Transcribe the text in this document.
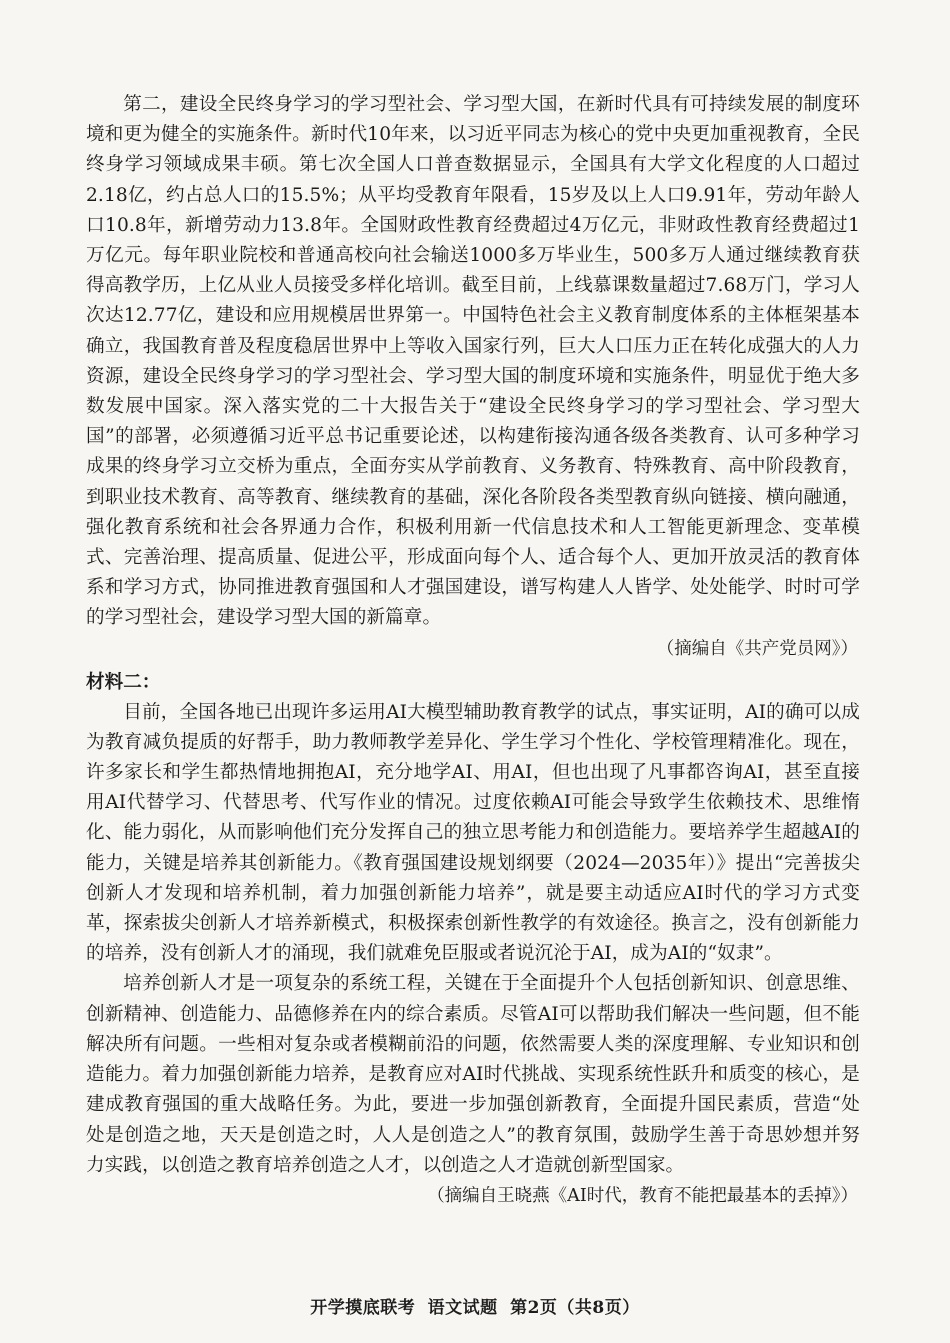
第二，建设全民终身学习的学习型社会、学习型大国，在新时代具有可持续发展的制度环境和更为健全的实施条件。新时代10年来，以习近平同志为核心的党中央更加重视教育，全民终身学习领域成果丰硕。第七次全国人口普查数据显示，全国具有大学文化程度的人口超过2.18亿，约占总人口的15.5%；从平均受教育年限看，15岁及以上人口9.91年，劳动年龄人口10.8年，新增劳动力13.8年。全国财政性教育经费超过4万亿元，非财政性教育经费超过1万亿元。每年职业院校和普通高校向社会输送1000多万毕业生，500多万人通过继续教育获得高教学历，上亿从业人员接受多样化培训。截至目前，上线慕课数量超过7.68万门，学习人次达12.77亿，建设和应用规模居世界第一。中国特色社会主义教育制度体系的主体框架基本确立，我国教育普及程度稳居世界中上等收入国家行列，巨大人口压力正在转化成强大的人力资源，建设全民终身学习的学习型社会、学习型大国的制度环境和实施条件，明显优于绝大多数发展中国家。深入落实党的二十大报告关于“建设全民终身学习的学习型社会、学习型大国”的部署，必须遵循习近平总书记重要论述，以构建衔接沟通各级各类教育、认可多种学习成果的终身学习立交桥为重点，全面夯实从学前教育、义务教育、特殊教育、高中阶段教育，到职业技术教育、高等教育、继续教育的基础，深化各阶段各类型教育纵向链接、横向融通，强化教育系统和社会各界通力合作，积极利用新一代信息技术和人工智能更新理念、变革模式、完善治理、提高质量、促进公平，形成面向每个人、适合每个人、更加开放灵活的教育体系和学习方式，协同推进教育强国和人才强国建设，谱写构建人人皆学、处处能学、时时可学的学习型社会，建设学习型大国的新篇章。

（摘编自《共产党员网》）

材料二：

目前，全国各地已出现许多运用AI大模型辅助教育教学的试点，事实证明，AI的确可以成为教育减负提质的好帮手，助力教师教学差异化、学生学习个性化、学校管理精准化。现在，许多家长和学生都热情地拥抱AI，充分地学AI、用AI，但也出现了凡事都咨询AI，甚至直接用AI代替学习、代替思考、代写作业的情况。过度依赖AI可能会导致学生依赖技术、思维惰化、能力弱化，从而影响他们充分发挥自己的独立思考能力和创造能力。要培养学生超越AI的能力，关键是培养其创新能力。《教育强国建设规划纲要（2024—2035年）》提出“完善拔尖创新人才发现和培养机制，着力加强创新能力培养”，就是要主动适应AI时代的学习方式变革，探索拔尖创新人才培养新模式，积极探索创新性教学的有效途径。换言之，没有创新能力的培养，没有创新人才的涌现，我们就难免臣服或者说沉沦于AI，成为AI的“奴隶”。

培养创新人才是一项复杂的系统工程，关键在于全面提升个人包括创新知识、创意思维、创新精神、创造能力、品德修养在内的综合素质。尽管AI可以帮助我们解决一些问题，但不能解决所有问题。一些相对复杂或者模糊前沿的问题，依然需要人类的深度理解、专业知识和创造能力。着力加强创新能力培养，是教育应对AI时代挑战、实现系统性跃升和质变的核心，是建成教育强国的重大战略任务。为此，要进一步加强创新教育，全面提升国民素质，营造“处处是创造之地，天天是创造之时，人人是创造之人”的教育氛围，鼓励学生善于奇思妙想并努力实践，以创造之教育培养创造之人才，以创造之人才造就创新型国家。

（摘编自王晓燕《AI时代，教育不能把最基本的丢掉》）

开学摸底联考 语文试题 第2页（共8页）
